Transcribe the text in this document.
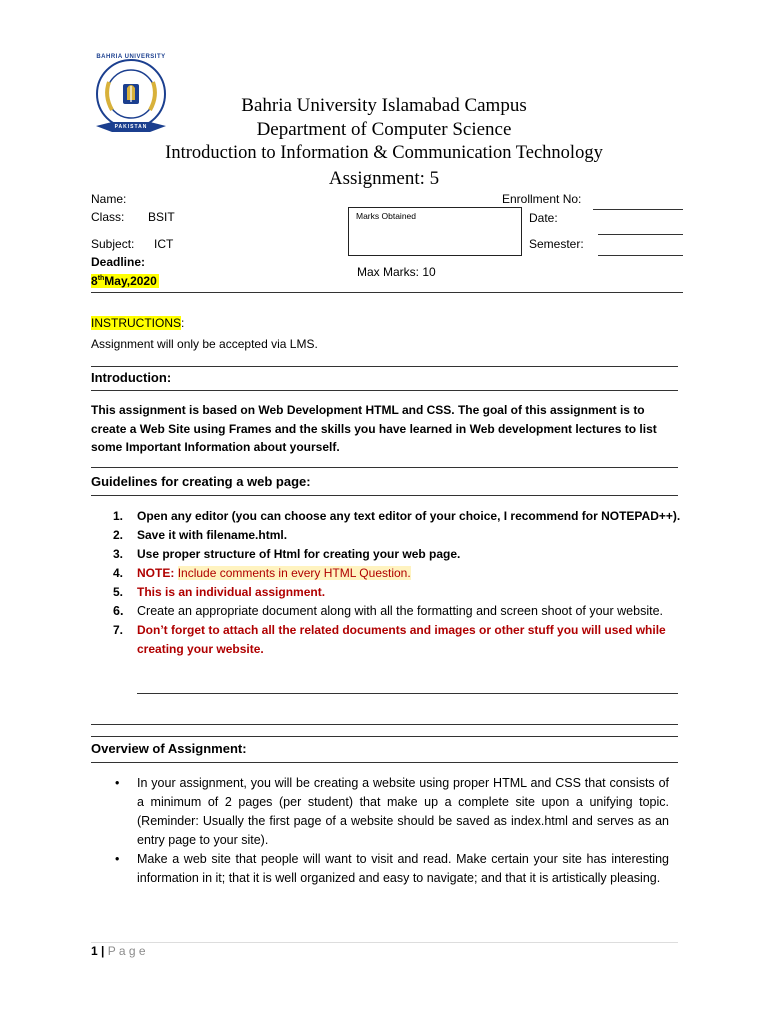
BAHRIA UNIVERSITY
PAKISTAN
Bahria University Islamabad Campus
Department of Computer Science
Introduction to Information & Communication Technology
Assignment: 5
Name:
Class: BSIT
Subject: ICT
Deadline:
8thMay,2020
Marks Obtained
Max Marks: 10
Enrollment No:
Date:
Semester:
INSTRUCTIONS:
Assignment will only be accepted via LMS.
Introduction:
This assignment is based on Web Development HTML and CSS. The goal of this assignment is to create a Web Site using Frames and the skills you have learned in Web development lectures to list some Important Information about yourself.
Guidelines for creating a web page:
1. Open any editor (you can choose any text editor of your choice, I recommend for NOTEPAD++).
2. Save it with filename.html.
3. Use proper structure of Html for creating your web page.
4. NOTE: Include comments in every HTML Question.
5. This is an individual assignment.
6. Create an appropriate document along with all the formatting and screen shoot of your website.
7. Don’t forget to attach all the related documents and images or other stuff you will used while creating your website.
Overview of Assignment:
• In your assignment, you will be creating a website using proper HTML and CSS that consists of a minimum of 2 pages (per student) that make up a complete site upon a unifying topic. (Reminder: Usually the first page of a website should be saved as index.html and serves as an entry page to your site).
• Make a web site that people will want to visit and read. Make certain your site has interesting information in it; that it is well organized and easy to navigate; and that it is artistically pleasing.
1 | P a g e
